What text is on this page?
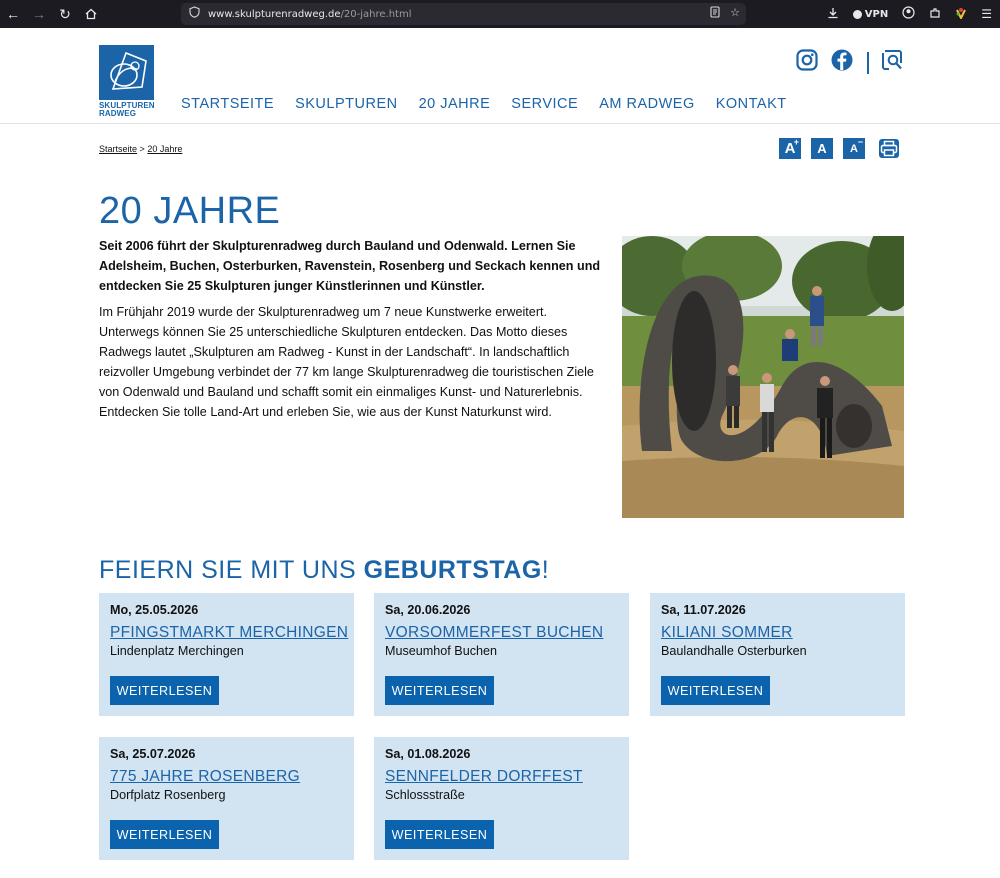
← → ↻	www.skulpturenradweg.de/20-jahre.html	☆	VPN	☰
SKULPTUREN
RADWEG
STARTSEITE SKULPTUREN 20 JAHRE SERVICE AM RADWEG KONTAKT
Startseite > 20 Jahre	A
+ A A
−
20 JAHRE

Seit 2006 führt der Skulpturenradweg durch Bauland und Odenwald. Lernen Sie Adelsheim, Buchen, Osterburken, Ravenstein, Rosenberg und Seckach kennen und entdecken Sie 25 Skulpturen junger Künstlerinnen und Künstler.

Im Frühjahr 2019 wurde der Skulpturenradweg um 7 neue Kunstwerke erweitert. Unterwegs können Sie 25 unterschiedliche Skulpturen entdecken. Das Motto dieses Radwegs lautet „Skulpturen am Radweg - Kunst in der Landschaft“. In landschaftlich reizvoller Umgebung verbindet der 77 km lange Skulpturenradweg die touristischen Ziele von Odenwald und Bauland und schafft somit ein einmaliges Kunst- und Naturerlebnis. Entdecken Sie tolle Land-Art und erleben Sie, wie aus der Kunst Naturkunst wird.

FEIERN SIE MIT UNS GEBURTSTAG!
Mo, 25.05.2026
PFINGSTMARKT MERCHINGEN
Lindenplatz Merchingen
WEITERLESEN
Sa, 20.06.2026
VORSOMMERFEST BUCHEN
Museumhof Buchen
WEITERLESEN
Sa, 11.07.2026
KILIANI SOMMER
Baulandhalle Osterburken
WEITERLESEN
Sa, 25.07.2026
775 JAHRE ROSENBERG
Dorfplatz Rosenberg
WEITERLESEN
Sa, 01.08.2026
SENNFELDER DORFFEST
Schlossstraße
WEITERLESEN
